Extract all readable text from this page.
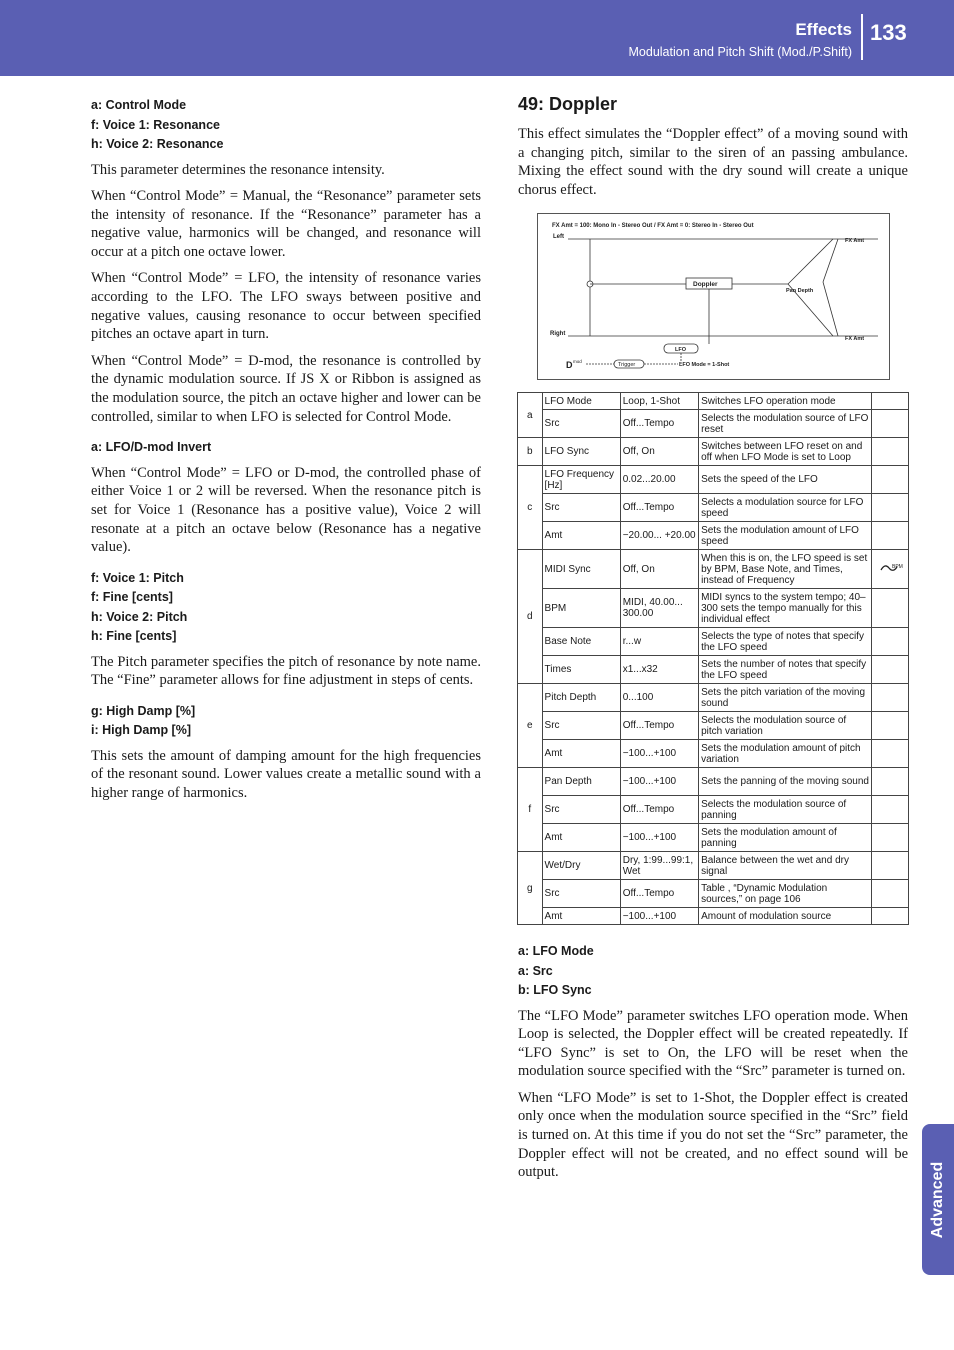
Effects
Modulation and Pitch Shift (Mod./P.Shift)
133
Advanced
a: Control Mode
f: Voice 1: Resonance
h: Voice 2: Resonance

This parameter determines the resonance intensity.

When “Control Mode” = Manual, the “Resonance” parameter sets the intensity of resonance. If the “Resonance” parameter has a negative value, harmonics will be changed, and resonance will occur at a pitch one octave lower.

When “Control Mode” = LFO, the intensity of resonance varies according to the LFO. The LFO sways between positive and negative values, causing resonance to occur between specified pitches an octave apart in turn.

When “Control Mode” = D-mod, the resonance is controlled by the dynamic modulation source. If JS X or Ribbon is assigned as the modulation source, the pitch an octave higher and lower can be controlled, similar to when LFO is selected for Control Mode.

a: LFO/D-mod Invert

When “Control Mode” = LFO or D-mod, the controlled phase of either Voice 1 or 2 will be reversed. When the resonance pitch is set for Voice 1 (Resonance has a positive value), Voice 2 will resonate at a pitch an octave below (Resonance has a negative value).

f: Voice 1: Pitch
f: Fine [cents]
h: Voice 2: Pitch
h: Fine [cents]

The Pitch parameter specifies the pitch of resonance by note name. The “Fine” parameter allows for fine adjustment in steps of cents.

g: High Damp [%]
i: High Damp [%]

This sets the amount of damping amount for the high frequencies of the resonant sound. Lower values create a metallic sound with a higher range of harmonics.

49: Doppler

This effect simulates the “Doppler effect” of a moving sound with a changing pitch, similar to the siren of an passing ambulance. Mixing the effect sound with the dry sound will create a unique chorus effect.

FX Amt = 100: Mono In - Stereo Out / FX Amt = 0: Stereo In - Stereo Out
Left
Right
Doppler
Pan Depth
FX Amt
FX Amt
LFO
D mod
Trigger	LFO Mode = 1-Shot
a	LFO Mode	Loop, 1-Shot	Switches LFO operation mode	
	Src	Off...Tempo	Selects the modulation source of LFO reset	
b	LFO Sync	Off, On	Switches between LFO reset on and off when LFO Mode is set to Loop	
c	LFO Frequency [Hz]	0.02...20.00	Sets the speed of the LFO	
	Src	Off...Tempo	Selects a modulation source for LFO speed	
	Amt	−20.00... +20.00	Sets the modulation amount of LFO speed	
d	MIDI Sync	Off, On	When this is on, the LFO speed is set by BPM, Base Note, and Times, instead of Frequency	BPM

	BPM	MIDI, 40.00... 300.00	MIDI syncs to the system tempo; 40–300 sets the tempo manually for this individual effect	
	Base Note	r...w	Selects the type of notes that specify the LFO speed	
	Times	x1...x32	Sets the number of notes that specify the LFO speed	
e	Pitch Depth	0...100	Sets the pitch variation of the moving sound	
	Src	Off...Tempo	Selects the modulation source of pitch variation	
	Amt	−100...+100	Sets the modulation amount of pitch variation	
f	Pan Depth	−100...+100	Sets the panning of the moving sound	
	Src	Off...Tempo	Selects the modulation source of panning	
	Amt	−100...+100	Sets the modulation amount of panning	
g	Wet/Dry	Dry, 1:99...99:1, Wet	Balance between the wet and dry signal	
	Src	Off...Tempo	Table , “Dynamic Modulation sources,” on page 106	
	Amt	−100...+100	Amount of modulation source	
a: LFO Mode
a: Src
b: LFO Sync

The “LFO Mode” parameter switches LFO operation mode. When Loop is selected, the Doppler effect will be created repeatedly. If “LFO Sync” is set to On, the LFO will be reset when the modulation source specified with the “Src” parameter is turned on.

When “LFO Mode” is set to 1-Shot, the Doppler effect is created only once when the modulation source specified in the “Src” field is turned on. At this time if you do not set the “Src” parameter, the Doppler effect will not be created, and no effect sound will be output.
